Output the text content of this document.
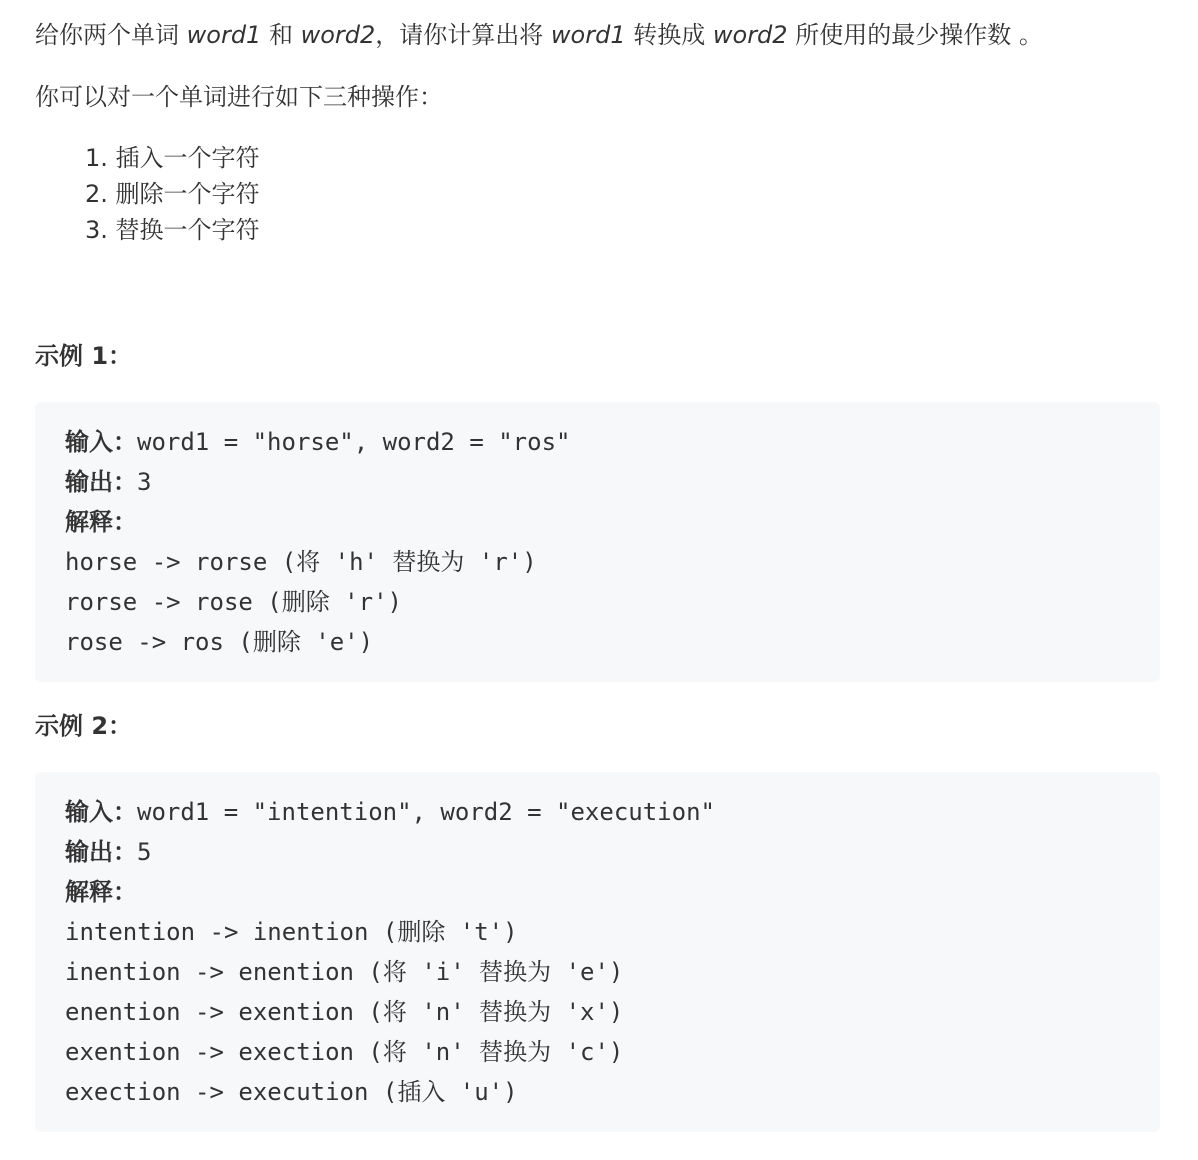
给你两个单词 word1 和 word2，请你计算出将 word1 转换成 word2 所使用的最少操作数 。
你可以对一个单词进行如下三种操作：
1. 插入一个字符
2. 删除一个字符
3. 替换一个字符
示例 1：
输入：word1 = "horse", word2 = "ros"
输出：3
解释：
horse -> rorse (将 'h' 替换为 'r')
rorse -> rose (删除 'r')
rose -> ros (删除 'e')
示例 2：
输入：word1 = "intention", word2 = "execution"
输出：5
解释：
intention -> inention (删除 't')
inention -> enention (将 'i' 替换为 'e')
enention -> exention (将 'n' 替换为 'x')
exention -> exection (将 'n' 替换为 'c')
exection -> execution (插入 'u')
